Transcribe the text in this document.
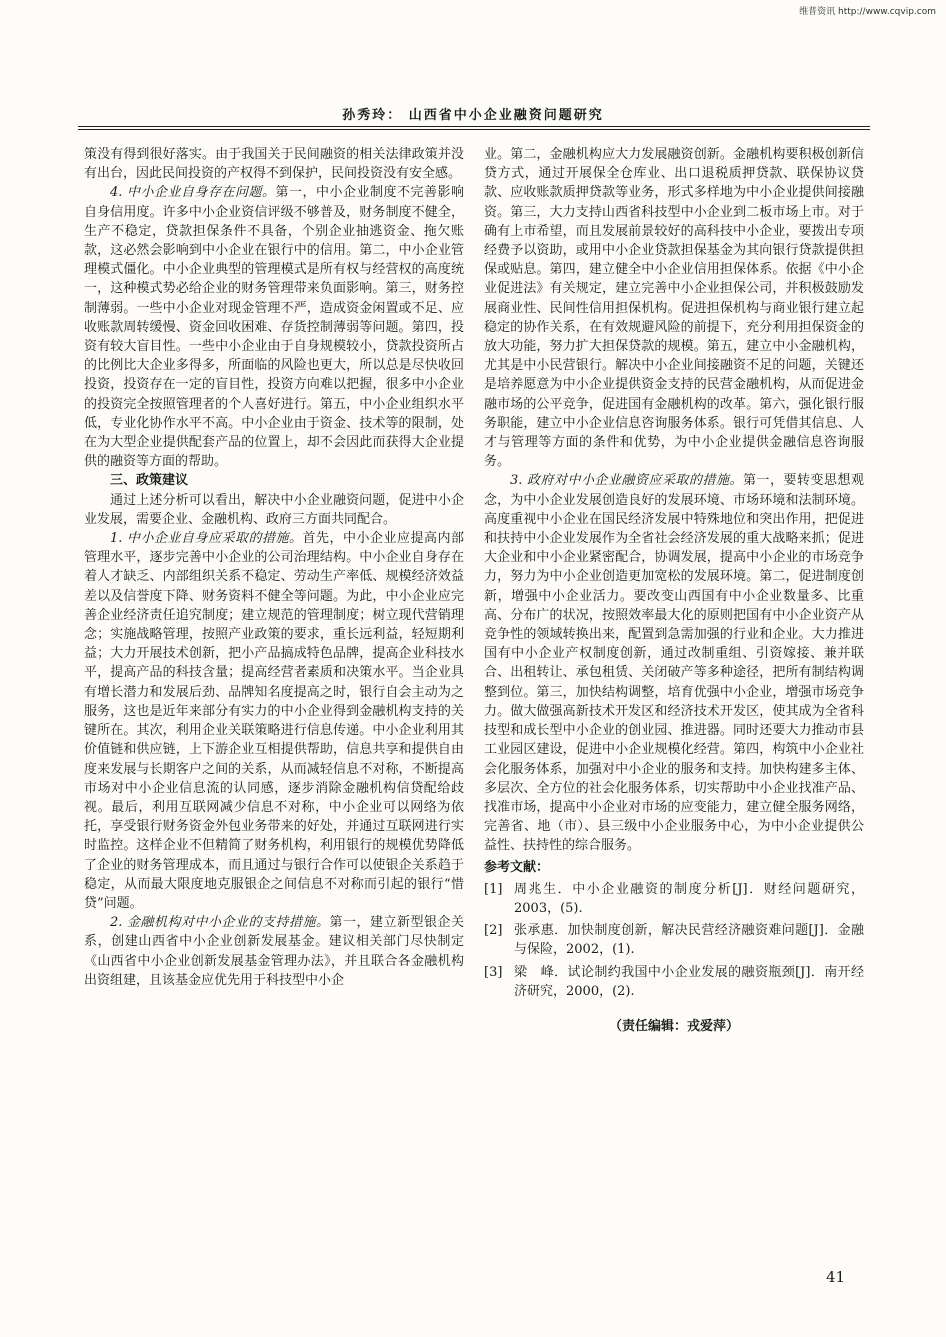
维普资讯 http://www.cqvip.com
孙秀玲： 山西省中小企业融资问题研究

策没有得到很好落实。由于我国关于民间融资的相关法律政策并没有出台，因此民间投资的产权得不到保护，民间投资没有安全感。

4. 中小企业自身存在问题。第一，中小企业制度不完善影响自身信用度。许多中小企业资信评级不够普及，财务制度不健全，生产不稳定，贷款担保条件不具备，个别企业抽逃资金、拖欠账款，这必然会影响到中小企业在银行中的信用。第二，中小企业管理模式僵化。中小企业典型的管理模式是所有权与经营权的高度统一，这种模式势必给企业的财务管理带来负面影响。第三，财务控制薄弱。一些中小企业对现金管理不严，造成资金闲置或不足、应收账款周转缓慢、资金回收困难、存货控制薄弱等问题。第四，投资有较大盲目性。一些中小企业由于自身规模较小，贷款投资所占的比例比大企业多得多，所面临的风险也更大，所以总是尽快收回投资，投资存在一定的盲目性，投资方向难以把握，很多中小企业的投资完全按照管理者的个人喜好进行。第五，中小企业组织水平低，专业化协作水平不高。中小企业由于资金、技术等的限制，处在为大型企业提供配套产品的位置上，却不会因此而获得大企业提供的融资等方面的帮助。

三、政策建议

通过上述分析可以看出，解决中小企业融资问题，促进中小企业发展，需要企业、金融机构、政府三方面共同配合。

1. 中小企业自身应采取的措施。首先，中小企业应提高内部管理水平，逐步完善中小企业的公司治理结构。中小企业自身存在着人才缺乏、内部组织关系不稳定、劳动生产率低、规模经济效益差以及信誉度下降、财务资料不健全等问题。为此，中小企业应完善企业经济责任追究制度；建立规范的管理制度；树立现代营销理念；实施战略管理，按照产业政策的要求，重长远利益，轻短期利益；大力开展技术创新，把小产品搞成特色品牌，提高企业科技水平，提高产品的科技含量；提高经营者素质和决策水平。当企业具有增长潜力和发展后劲、品牌知名度提高之时，银行自会主动为之服务，这也是近年来部分有实力的中小企业得到金融机构支持的关键所在。其次，利用企业关联策略进行信息传递。中小企业利用其价值链和供应链，上下游企业互相提供帮助，信息共享和提供自由度来发展与长期客户之间的关系，从而减轻信息不对称，不断提高市场对中小企业信息流的认同感，逐步消除金融机构信贷配给歧视。最后，利用互联网减少信息不对称，中小企业可以网络为依托，享受银行财务资金外包业务带来的好处，并通过互联网进行实时监控。这样企业不但精简了财务机构，利用银行的规模优势降低了企业的财务管理成本，而且通过与银行合作可以使银企关系趋于稳定，从而最大限度地克服银企之间信息不对称而引起的银行“惜贷”问题。

2. 金融机构对中小企业的支持措施。第一，建立新型银企关系，创建山西省中小企业创新发展基金。建议相关部门尽快制定《山西省中小企业创新发展基金管理办法》，并且联合各金融机构出资组建，且该基金应优先用于科技型中小企

业。第二，金融机构应大力发展融资创新。金融机构要积极创新信贷方式，通过开展保全仓库业、出口退税质押贷款、联保协议贷款、应收账款质押贷款等业务，形式多样地为中小企业提供间接融资。第三，大力支持山西省科技型中小企业到二板市场上市。对于确有上市希望，而且发展前景较好的高科技中小企业，要拨出专项经费予以资助，或用中小企业贷款担保基金为其向银行贷款提供担保或贴息。第四，建立健全中小企业信用担保体系。依据《中小企业促进法》有关规定，建立完善中小企业担保公司，并积极鼓励发展商业性、民间性信用担保机构。促进担保机构与商业银行建立起稳定的协作关系，在有效规避风险的前提下，充分利用担保资金的放大功能，努力扩大担保贷款的规模。第五，建立中小金融机构，尤其是中小民营银行。解决中小企业间接融资不足的问题，关键还是培养愿意为中小企业提供资金支持的民营金融机构，从而促进金融市场的公平竞争，促进国有金融机构的改革。第六，强化银行服务职能，建立中小企业信息咨询服务体系。银行可凭借其信息、人才与管理等方面的条件和优势，为中小企业提供金融信息咨询服务。

3. 政府对中小企业融资应采取的措施。第一，要转变思想观念，为中小企业发展创造良好的发展环境、市场环境和法制环境。高度重视中小企业在国民经济发展中特殊地位和突出作用，把促进和扶持中小企业发展作为全省社会经济发展的重大战略来抓；促进大企业和中小企业紧密配合，协调发展，提高中小企业的市场竞争力，努力为中小企业创造更加宽松的发展环境。第二，促进制度创新，增强中小企业活力。要改变山西国有中小企业数量多、比重高、分布广的状况，按照效率最大化的原则把国有中小企业资产从竞争性的领域转换出来，配置到急需加强的行业和企业。大力推进国有中小企业产权制度创新，通过改制重组、引资嫁接、兼并联合、出租转让、承包租赁、关闭破产等多种途径，把所有制结构调整到位。第三，加快结构调整，培育优强中小企业，增强市场竞争力。做大做强高新技术开发区和经济技术开发区，使其成为全省科技型和成长型中小企业的创业园、推进器。同时还要大力推动市县工业园区建设，促进中小企业规模化经营。第四，构筑中小企业社会化服务体系，加强对中小企业的服务和支持。加快构建多主体、多层次、全方位的社会化服务体系，切实帮助中小企业找准产品、找准市场，提高中小企业对市场的应变能力，建立健全服务网络，完善省、地（市）、县三级中小企业服务中心，为中小企业提供公益性、扶持性的综合服务。

参考文献：

[1] 周兆生．中小企业融资的制度分析[J]．财经问题研究，2003，(5).
[2] 张承惠．加快制度创新，解决民营经济融资难问题[J]．金融与保险，2002，(1).
[3] 梁　峰．试论制约我国中小企业发展的融资瓶颈[J]．南开经济研究，2000，(2).
（责任编辑：戎爱萍）
41
